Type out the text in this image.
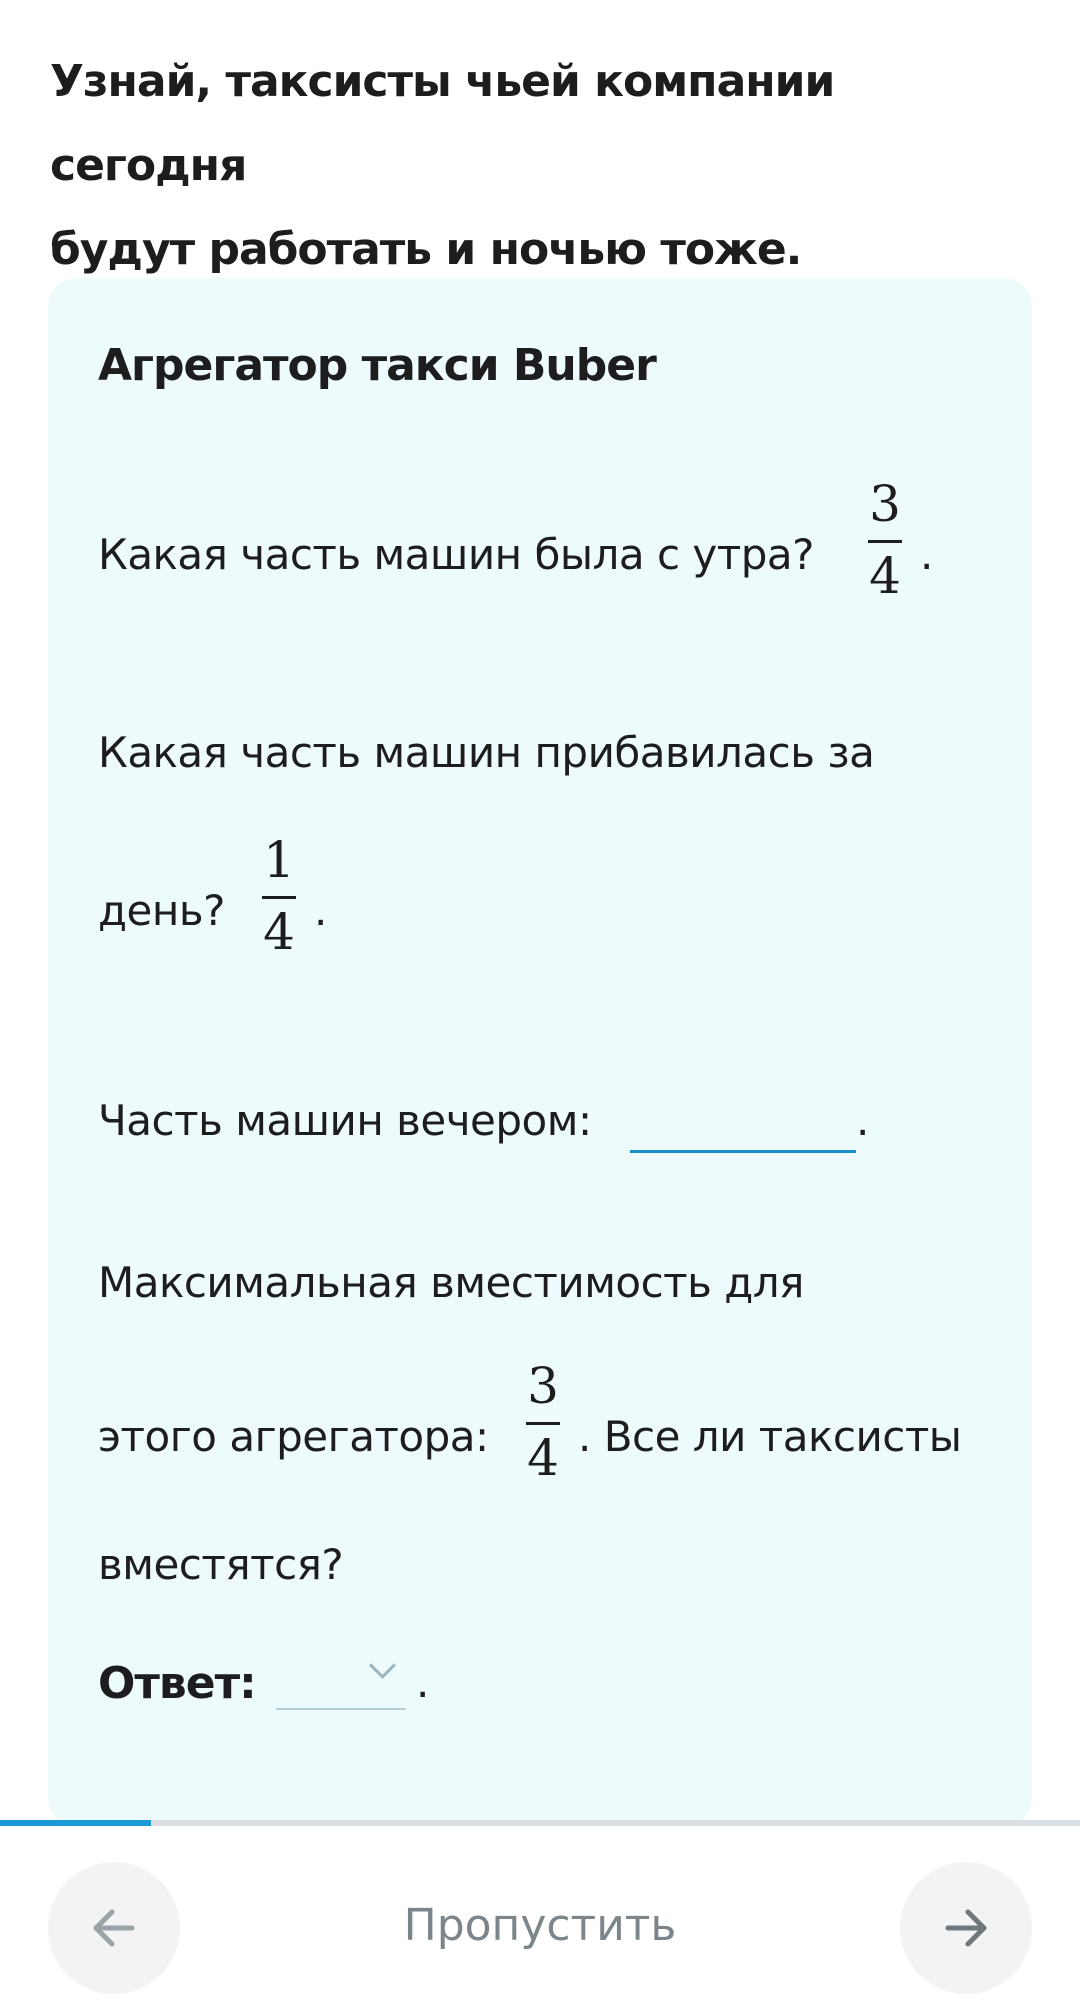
Узнай, таксисты чьей компании сегодня
будут работать и ночью тоже.
Агрегатор такси Buber
Какая часть машин была с утра?
3
4 .
Какая часть машин прибавилась за
день?
1
4 .
Часть машин вечером:	.
Максимальная вместимость для
этого агрегатора:
3
4 . Все ли таксисты
вместятся?
Ответ:	.
Пропустить
